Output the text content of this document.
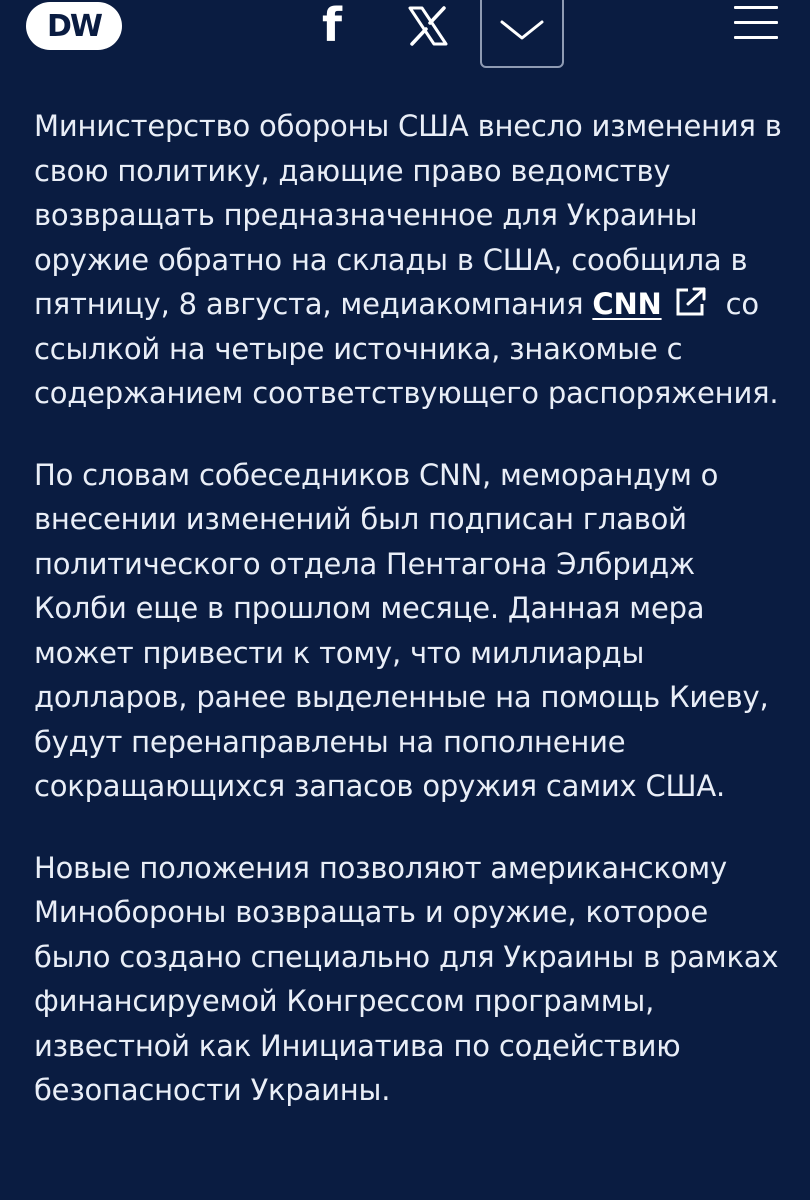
DW	f

Министерство обороны США внесло изменения в свою политику, дающие право ведомству возвращать предназначенное для Украины оружие обратно на склады в США, сообщила в пятницу, 8 августа, медиакомпания CNN со ссылкой на четыре источника, знакомые с содержанием соответствующего распоряжения.

По словам собеседников CNN, меморандум о внесении изменений был подписан главой политического отдела Пентагона Элбридж Колби еще в прошлом месяце. Данная мера может привести к тому, что миллиарды долларов, ранее выделенные на помощь Киеву, будут перенаправлены на пополнение сокращающихся запасов оружия самих США.

Новые положения позволяют американскому Минобороны возвращать и оружие, которое было создано специально для Украины в рамках финансируемой Конгрессом программы, известной как Инициатива по содействию безопасности Украины.
